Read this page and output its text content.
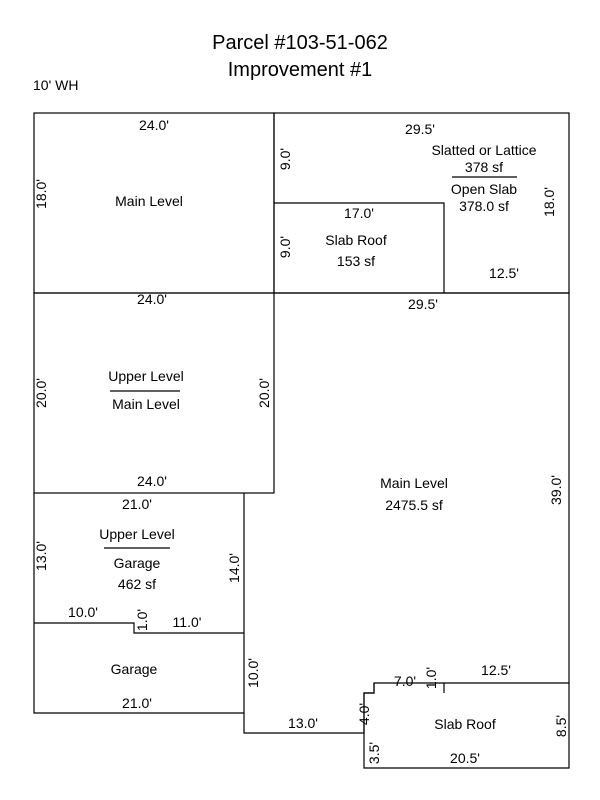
Parcel #103-51-062
Improvement #1
10' WH
24.0'
Main Level
18.0'
29.5'
9.0'	Slatted or Lattice
378 sf
Open Slab
378.0 sf 18.0'
12.5'
17.0'
9.0' Slab Roof
153 sf
24.0'
Upper Level
Main Level
20.0'	20.0'
24.0'
29.5'
Main Level
2475.5 sf
39.0'
21.0'
Upper Level
Garage
462 sf
13.0'	14.0'
10.0'	1.0' 11.0'
Garage
21.0'
10.0'
13.0'	4.0'
3.5'
7.0' 1.0'	12.5'
Slab Roof	8.5'
20.5'
